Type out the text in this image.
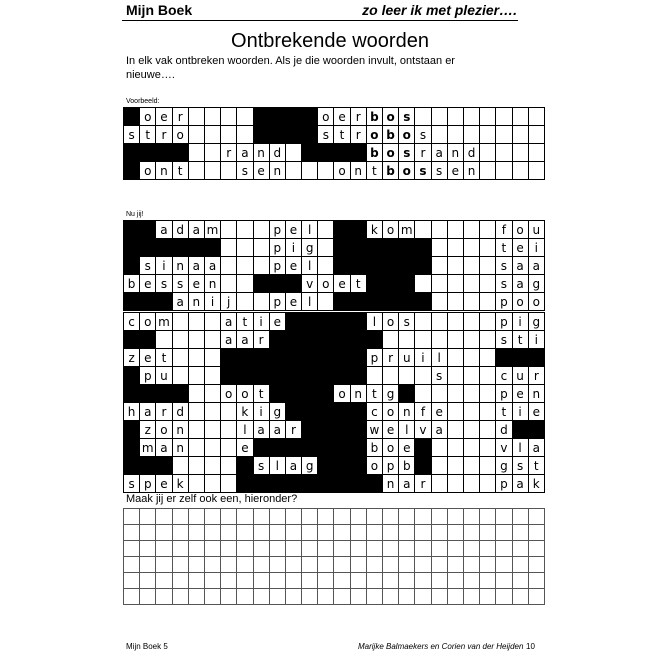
Mijn Boek	zo leer ik met plezier….
Ontbrekende woorden
In elk vak ontbreken woorden. Als je die woorden invult, ontstaan er nieuwe….
Voorbeeld:
	o	e	r									o	e	r	b	o	s								
s	t	r	o									s	t	r	o	b	o	s							
						r	a	n	d						b	o	s	r	a	n	d				
	o	n	t				s	e	n				o	n	t	b	o	s	s	e	n				
Nu jij!
		a	d	a	m				p	e	l				k	o	m						f	o	u
									p	i	g												t	e	i
	s	i	n	a	a				p	e	l												s	a	a
b	e	s	s	e	n						v	o	e	t									s	a	g
			a	n	i	j			p	e	l												p	o	o
c	o	m				a	t	i	e						l	o	s						p	i	g
						a	a	r															s	t	i
z	e	t													p	r	u	i	l						
	p	u																	s				c	u	r
						o	o	t					o	n	t	g							p	e	n
h	a	r	d				k	i	g						c	o	n	f	e				t	i	e
	z	o	n				l	a	a	r					w	e	l	v	a				d		
	m	a	n				e								b	o	e						v	l	a
								s	l	a	g				o	p	b						g	s	t
s	p	e	k													n	a	r					p	a	k
Maak jij er zelf ook een, hieronder?

Mijn Boek 5	Marijke Balmaekers en Corien van der Heijden 10
